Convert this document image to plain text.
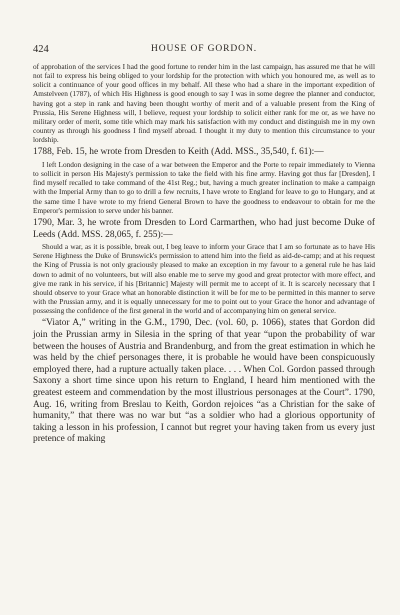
424	HOUSE OF GORDON.

of approbation of the services I had the good fortune to render him in the last campaign, has assured me that he will not fail to express his being obliged to your lordship for the protection with which you honoured me, as well as to solicit a continuance of your good offices in my behalf. All these who had a share in the important expedition of Amstelveen (1787), of which His Highness is good enough to say I was in some degree the planner and conductor, having got a step in rank and having been thought worthy of merit and of a valuable present from the King of Prussia, His Serene Highness will, I believe, request your lordship to solicit either rank for me or, as we have no military order of merit, some title which may mark his satisfaction with my conduct and distinguish me in my own country as through his goodness I find myself abroad. I thought it my duty to mention this circumstance to your lordship.

1788, Feb. 15, he wrote from Dresden to Keith (Add. MSS., 35,540, f. 61):—

I left London designing in the case of a war between the Emperor and the Porte to repair immediately to Vienna to sollicit in person His Majesty's permission to take the field with his fine army. Having got thus far [Dresden], I find myself recalled to take command of the 41st Reg.; but, having a much greater inclination to make a campaign with the Imperial Army than to go to drill a few recruits, I have wrote to England for leave to go to Hungary, and at the same time I have wrote to my friend General Brown to have the goodness to endeavour to obtain for me the Emperor's permission to serve under his banner.

1790, Mar. 3, he wrote from Dresden to Lord Carmarthen, who had just become Duke of Leeds (Add. MSS. 28,065, f. 255):—

Should a war, as it is possible, break out, I beg leave to inform your Grace that I am so fortunate as to have His Serene Highness the Duke of Brunswick's permission to attend him into the field as aid-de-camp; and at his request the King of Prussia is not only graciously pleased to make an exception in my favour to a general rule he has laid down to admit of no volunteers, but will also enable me to serve my good and great protector with more effect, and give me rank in his service, if his [Britannic] Majesty will permit me to accept of it. It is scarcely necessary that I should observe to your Grace what an honorable distinction it will be for me to be permitted in this manner to serve with the Prussian army, and it is equally unnecessary for me to point out to your Grace the honor and advantage of possessing the confidence of the first general in the world and of accompanying him on general service.

“Viator A,” writing in the G.M., 1790, Dec. (vol. 60, p. 1066), states that Gordon did join the Prussian army in Silesia in the spring of that year “upon the probability of war between the houses of Austria and Brandenburg, and from the great estimation in which he was held by the chief personages there, it is probable he would have been conspicuously employed there, had a rupture actually taken place. . . . When Col. Gordon passed through Saxony a short time since upon his return to England, I heard him mentioned with the greatest esteem and commendation by the most illustrious personages at the Court”. 1790, Aug. 16, writing from Breslau to Keith, Gordon rejoices “as a Christian for the sake of humanity,” that there was no war but “as a soldier who had a glorious opportunity of taking a lesson in his profession, I cannot but regret your having taken from us every just pretence of making
